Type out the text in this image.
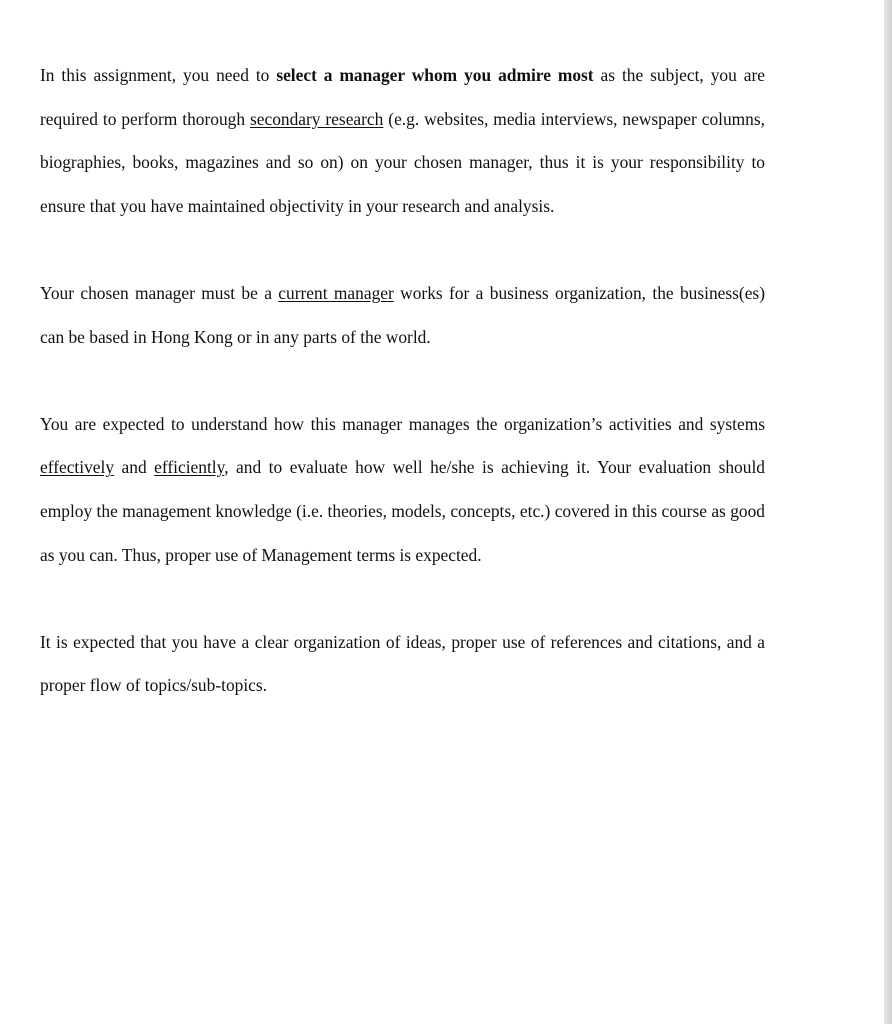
In this assignment, you need to select a manager whom you admire most as the subject, you are required to perform thorough secondary research (e.g. websites, media interviews, newspaper columns, biographies, books, magazines and so on) on your chosen manager, thus it is your responsibility to ensure that you have maintained objectivity in your research and analysis.

Your chosen manager must be a current manager works for a business organization, the business(es) can be based in Hong Kong or in any parts of the world.

You are expected to understand how this manager manages the organization’s activities and systems effectively and efficiently, and to evaluate how well he/she is achieving it. Your evaluation should employ the management knowledge (i.e. theories, models, concepts, etc.) covered in this course as good as you can. Thus, proper use of Management terms is expected.

It is expected that you have a clear organization of ideas, proper use of references and citations, and a proper flow of topics/sub-topics.
